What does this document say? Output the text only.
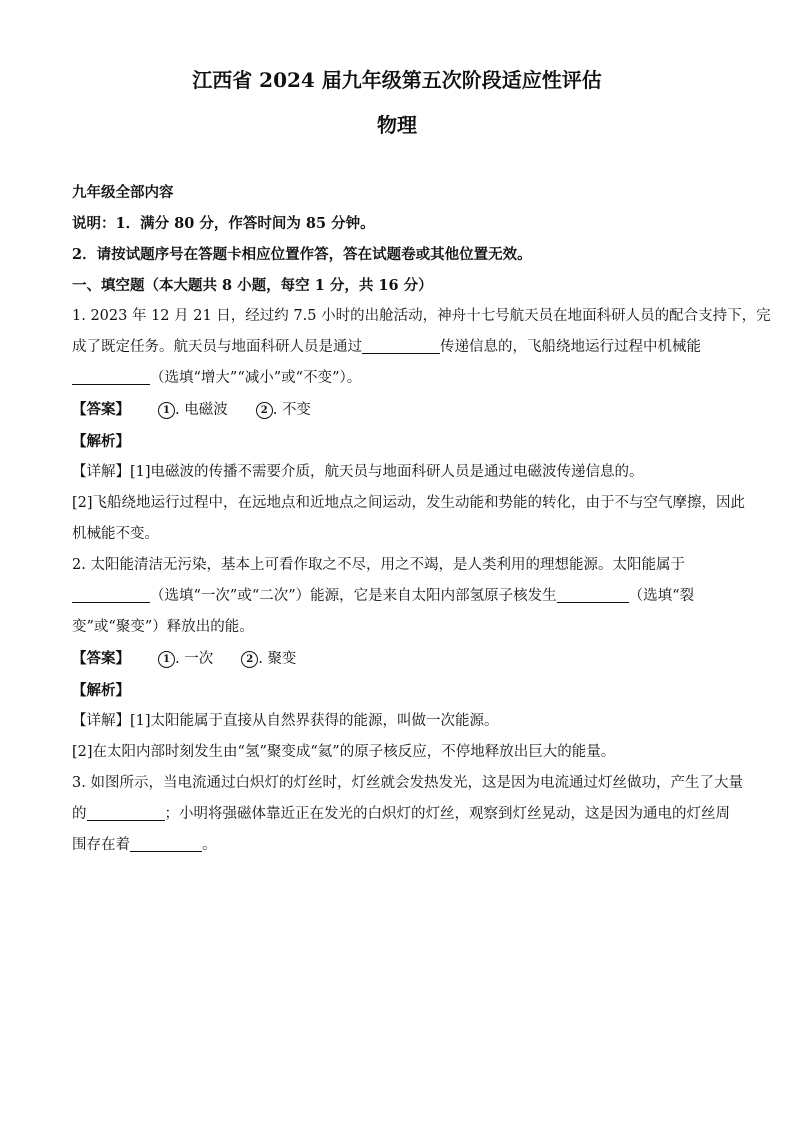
江西省 2024 届九年级第五次阶段适应性评估

物理

九年级全部内容

说明：1．满分 80 分，作答时间为 85 分钟。

2．请按试题序号在答题卡相应位置作答，答在试题卷或其他位置无效。

一、填空题（本大题共 8 小题，每空 1 分，共 16 分）

1. 2023 年 12 月 21 日，经过约 7.5 小时的出舱活动，神舟十七号航天员在地面科研人员的配合支持下，完

成了既定任务。航天员与地面科研人员是通过	传递信息的，飞船绕地运行过程中机械能

（选填“增大”“减小”或“不变”）。

【答案】	1 . 电磁波	2 . 不变

【解析】

【详解】[1]电磁波的传播不需要介质，航天员与地面科研人员是通过电磁波传递信息的。

[2]飞船绕地运行过程中，在远地点和近地点之间运动，发生动能和势能的转化，由于不与空气摩擦，因此

机械能不变。

2. 太阳能清洁无污染，基本上可看作取之不尽，用之不竭，是人类利用的理想能源。太阳能属于

（选填“一次”或“二次”）能源，它是来自太阳内部氢原子核发生	（选填“裂

变”或“聚变”）释放出的能。

【答案】	1 . 一次	2 . 聚变

【解析】

【详解】[1]太阳能属于直接从自然界获得的能源，叫做一次能源。

[2]在太阳内部时刻发生由“氢”聚变成“氦”的原子核反应，不停地释放出巨大的能量。

3. 如图所示，当电流通过白炽灯的灯丝时，灯丝就会发热发光，这是因为电流通过灯丝做功，产生了大量

的	；小明将强磁体靠近正在发光的白炽灯的灯丝，观察到灯丝晃动，这是因为通电的灯丝周

围存在着	。
